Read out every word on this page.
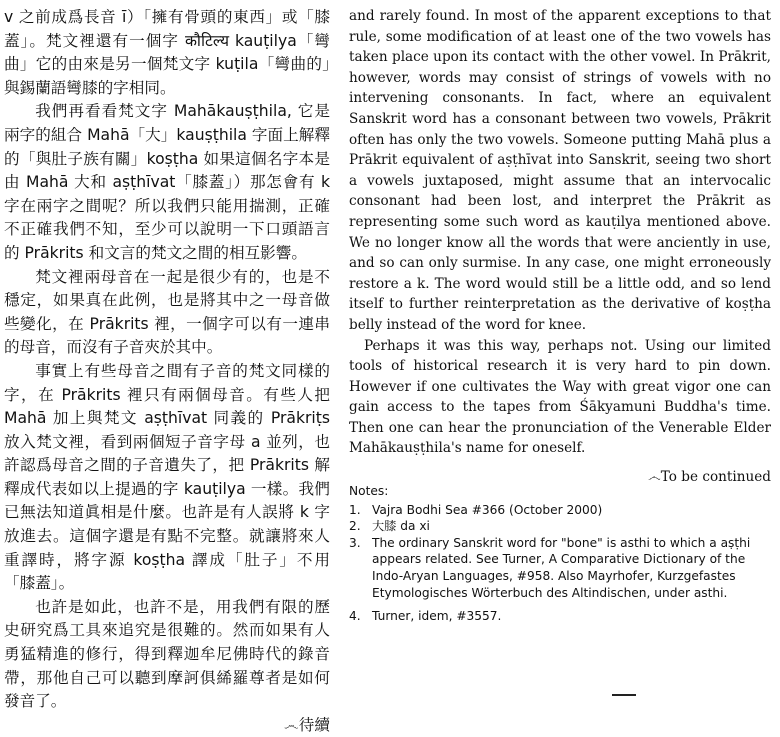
v 之前成爲長音 ī）「擁有骨頭的東西」或「膝蓋」。梵文裡還有一個字 कौटिल्य kauṭilya「彎曲」它的由來是另一個梵文字 kuṭila「彎曲的」與錫蘭語彎膝的字相同。

我們再看看梵文字 Mahākauṣṭhila, 它是兩字的組合 Mahā「大」kauṣṭhila 字面上解釋的「與肚子族有關」koṣṭha 如果這個名字本是由 Mahā 大和 aṣṭhīvat「膝蓋」）那怎會有 k 字在兩字之間呢？所以我們只能用揣測，正確不正確我們不知，至少可以說明一下口頭語言的 Prākrits 和文言的梵文之間的相互影響。

梵文裡兩母音在一起是很少有的，也是不穩定，如果真在此例，也是將其中之一母音做些變化，在 Prākrits 裡，一個字可以有一連串的母音，而沒有子音夾於其中。

事實上有些母音之間有子音的梵文同樣的字，在 Prākrits 裡只有兩個母音。有些人把 Mahā 加上與梵文 aṣṭhīvat 同義的 Prākriṭs 放入梵文裡，看到兩個短子音字母 a 並列，也許認爲母音之間的子音遺失了，把 Prākrits 解釋成代表如以上提過的字 kauṭilya 一樣。我們已無法知道眞相是什麼。也許是有人誤將 k 字放進去。這個字還是有點不完整。就讓將來人重譯時，將字源 koṣṭha 譯成「肚子」不用「膝蓋」。

也許是如此，也許不是，用我們有限的歷史研究爲工具來追究是很難的。然而如果有人勇猛精進的修行，得到釋迦牟尼佛時代的錄音帶，那他自己可以聽到摩訶俱絺羅尊者是如何發音了。

෴待續

and rarely found. In most of the apparent exceptions to that rule, some modification of at least one of the two vowels has taken place upon its contact with the other vowel. In Prākrit, however, words may consist of strings of vowels with no intervening consonants. In fact, where an equivalent Sanskrit word has a consonant between two vowels, Prākrit often has only the two vowels. Someone putting Mahā plus a Prākrit equivalent of aṣṭhīvat into Sanskrit, seeing two short a vowels juxtaposed, might assume that an intervocalic consonant had been lost, and interpret the Prākrit as representing some such word as kauṭilya mentioned above. We no longer know all the words that were anciently in use, and so can only surmise. In any case, one might erroneously restore a k. The word would still be a little odd, and so lend itself to further reinterpretation as the derivative of koṣṭha belly instead of the word for knee.

Perhaps it was this way, perhaps not. Using our limited tools of historical research it is very hard to pin down. However if one cultivates the Way with great vigor one can gain access to the tapes from Śākyamuni Buddha's time. Then one can hear the pronunciation of the Venerable Elder Mahākauṣṭhila's name for oneself.

෴To be continued

Notes:

1. Vajra Bodhi Sea #366 (October 2000)
2. 大膝 da xi
3. The ordinary Sanskrit word for "bone" is asthi to which a aṣṭhi appears related. See Turner, A Comparative Dictionary of the Indo-Aryan Languages, #958. Also Mayrhofer, Kurzgefastes Etymologisches Wörterbuch des Altindischen, under asthi.
4. Turner, idem, #3557.
